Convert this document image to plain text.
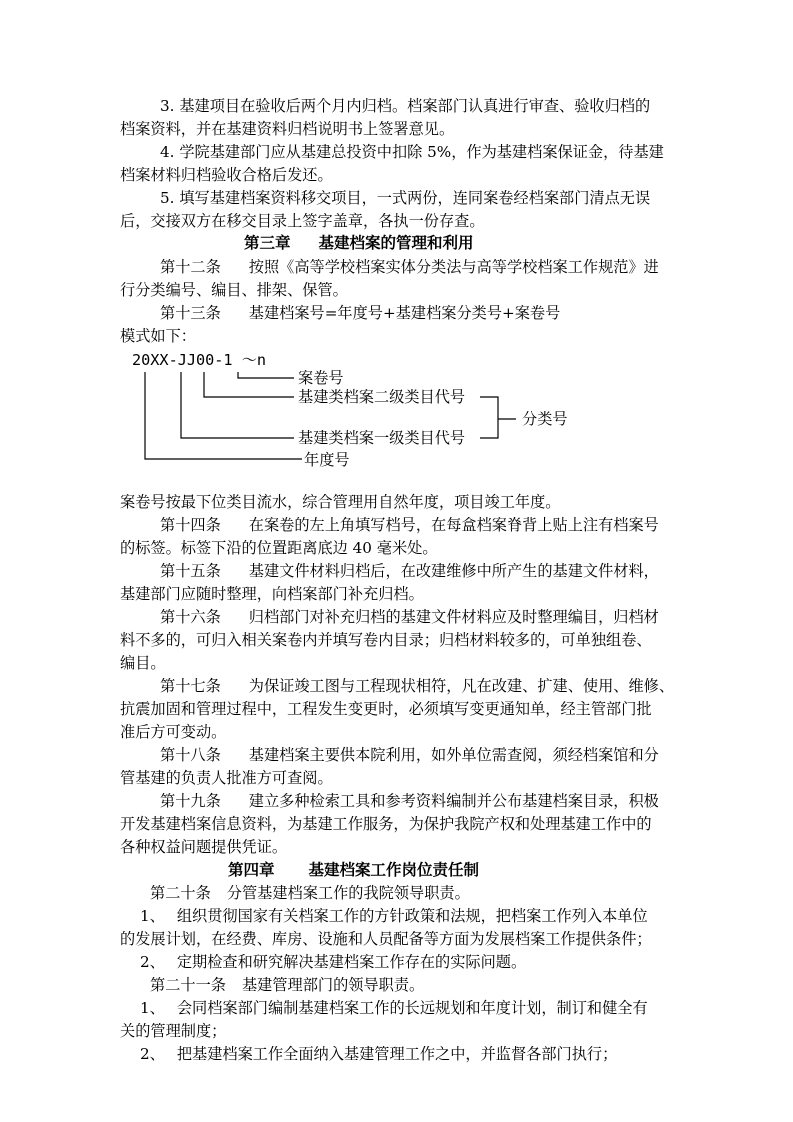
3. 基建项目在验收后两个月内归档。档案部门认真进行审查、验收归档的
档案资料，并在基建资料归档说明书上签署意见。
4. 学院基建部门应从基建总投资中扣除 5%，作为基建档案保证金，待基建
档案材料归档验收合格后发还。
5. 填写基建档案资料移交项目，一式两份，连同案卷经档案部门清点无误
后，交接双方在移交目录上签字盖章，各执一份存查。
第三章 基建档案的管理和利用
第十二条 按照《高等学校档案实体分类法与高等学校档案工作规范》进
行分类编号、编目、排架、保管。
第十三条 基建档案号=年度号+基建档案分类号+案卷号
模式如下：
20XX-JJ00-1 ～n
案卷号
基建类档案二级类目代号
基建类档案一级类目代号
年度号
分类号
案卷号按最下位类目流水，综合管理用自然年度，项目竣工年度。
第十四条 在案卷的左上角填写档号，在每盒档案脊背上贴上注有档案号
的标签。标签下沿的位置距离底边 40 毫米处。
第十五条 基建文件材料归档后，在改建维修中所产生的基建文件材料，
基建部门应随时整理，向档案部门补充归档。
第十六条 归档部门对补充归档的基建文件材料应及时整理编目，归档材
料不多的，可归入相关案卷内并填写卷内目录；归档材料较多的，可单独组卷、
编目。
第十七条 为保证竣工图与工程现状相符，凡在改建、扩建、使用、维修、
抗震加固和管理过程中，工程发生变更时，必须填写变更通知单，经主管部门批
准后方可变动。
第十八条 基建档案主要供本院利用，如外单位需查阅，须经档案馆和分
管基建的负责人批准方可查阅。
第十九条 建立多种检索工具和参考资料编制并公布基建档案目录，积极
开发基建档案信息资料，为基建工作服务，为保护我院产权和处理基建工作中的
各种权益问题提供凭证。
第四章 基建档案工作岗位责任制
第二十条 分管基建档案工作的我院领导职责。
1、 组织贯彻国家有关档案工作的方针政策和法规，把档案工作列入本单位
的发展计划，在经费、库房、设施和人员配备等方面为发展档案工作提供条件；
2、 定期检查和研究解决基建档案工作存在的实际问题。
第二十一条 基建管理部门的领导职责。
1、 会同档案部门编制基建档案工作的长远规划和年度计划，制订和健全有
关的管理制度；
2、 把基建档案工作全面纳入基建管理工作之中，并监督各部门执行；
